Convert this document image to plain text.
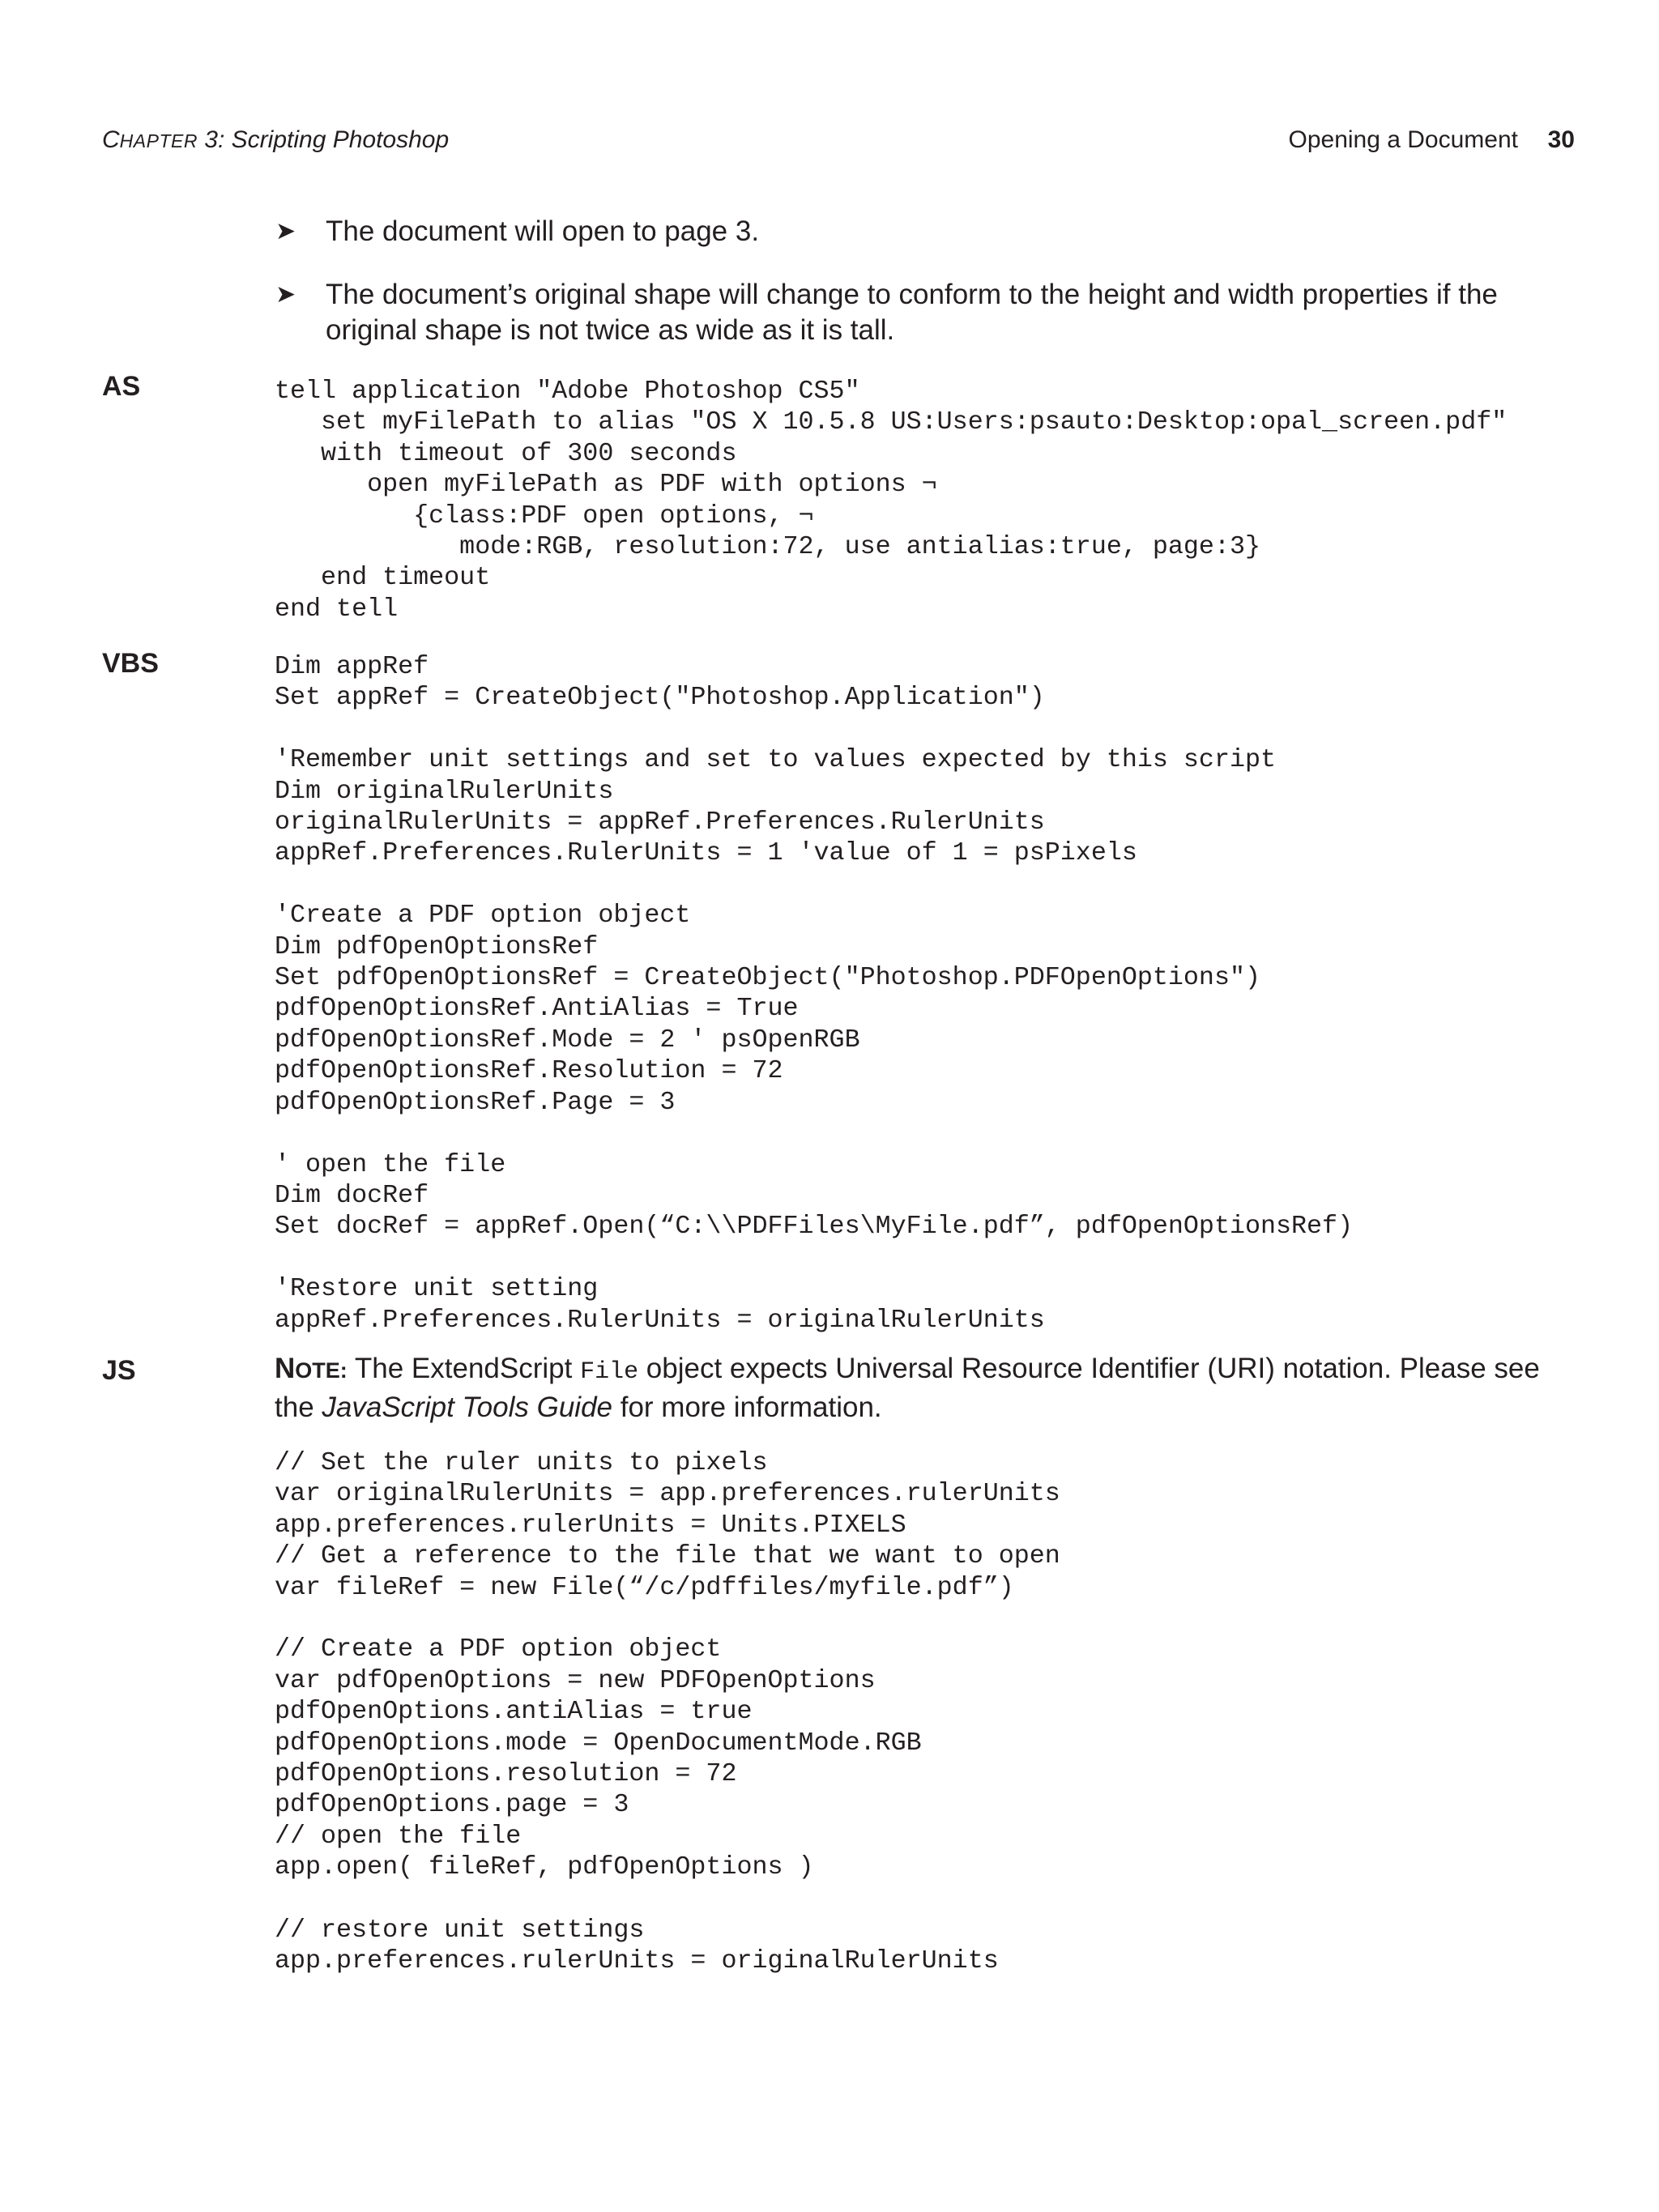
CHAPTER 3: Scripting Photoshop	Opening a Document 30
➤ The document will open to page 3.
➤ The document’s original shape will change to conform to the height and width properties if the original shape is not twice as wide as it is tall.
AS	tell application "Adobe Photoshop CS5"
set myFilePath to alias "OS X 10.5.8 US:Users:psauto:Desktop:opal_screen.pdf"
with timeout of 300 seconds
open myFilePath as PDF with options ¬
{class:PDF open options, ¬
mode:RGB, resolution:72, use antialias:true, page:3}
end timeout
end tell
VBS	Dim appRef
Set appRef = CreateObject("Photoshop.Application")

'Remember unit settings and set to values expected by this script
Dim originalRulerUnits
originalRulerUnits = appRef.Preferences.RulerUnits
appRef.Preferences.RulerUnits = 1 'value of 1 = psPixels

'Create a PDF option object
Dim pdfOpenOptionsRef
Set pdfOpenOptionsRef = CreateObject("Photoshop.PDFOpenOptions")
pdfOpenOptionsRef.AntiAlias = True
pdfOpenOptionsRef.Mode = 2 ' psOpenRGB
pdfOpenOptionsRef.Resolution = 72
pdfOpenOptionsRef.Page = 3

' open the file
Dim docRef
Set docRef = appRef.Open(“C:\\PDFFiles\MyFile.pdf”, pdfOpenOptionsRef)

'Restore unit setting
appRef.Preferences.RulerUnits = originalRulerUnits
JS	NOTE: The ExtendScript File object expects Universal Resource Identifier (URI) notation. Please see the JavaScript Tools Guide for more information.
// Set the ruler units to pixels
var originalRulerUnits = app.preferences.rulerUnits
app.preferences.rulerUnits = Units.PIXELS
// Get a reference to the file that we want to open
var fileRef = new File(“/c/pdffiles/myfile.pdf”)

// Create a PDF option object
var pdfOpenOptions = new PDFOpenOptions
pdfOpenOptions.antiAlias = true
pdfOpenOptions.mode = OpenDocumentMode.RGB
pdfOpenOptions.resolution = 72
pdfOpenOptions.page = 3
// open the file
app.open( fileRef, pdfOpenOptions )
// restore unit settings
app.preferences.rulerUnits = originalRulerUnits
